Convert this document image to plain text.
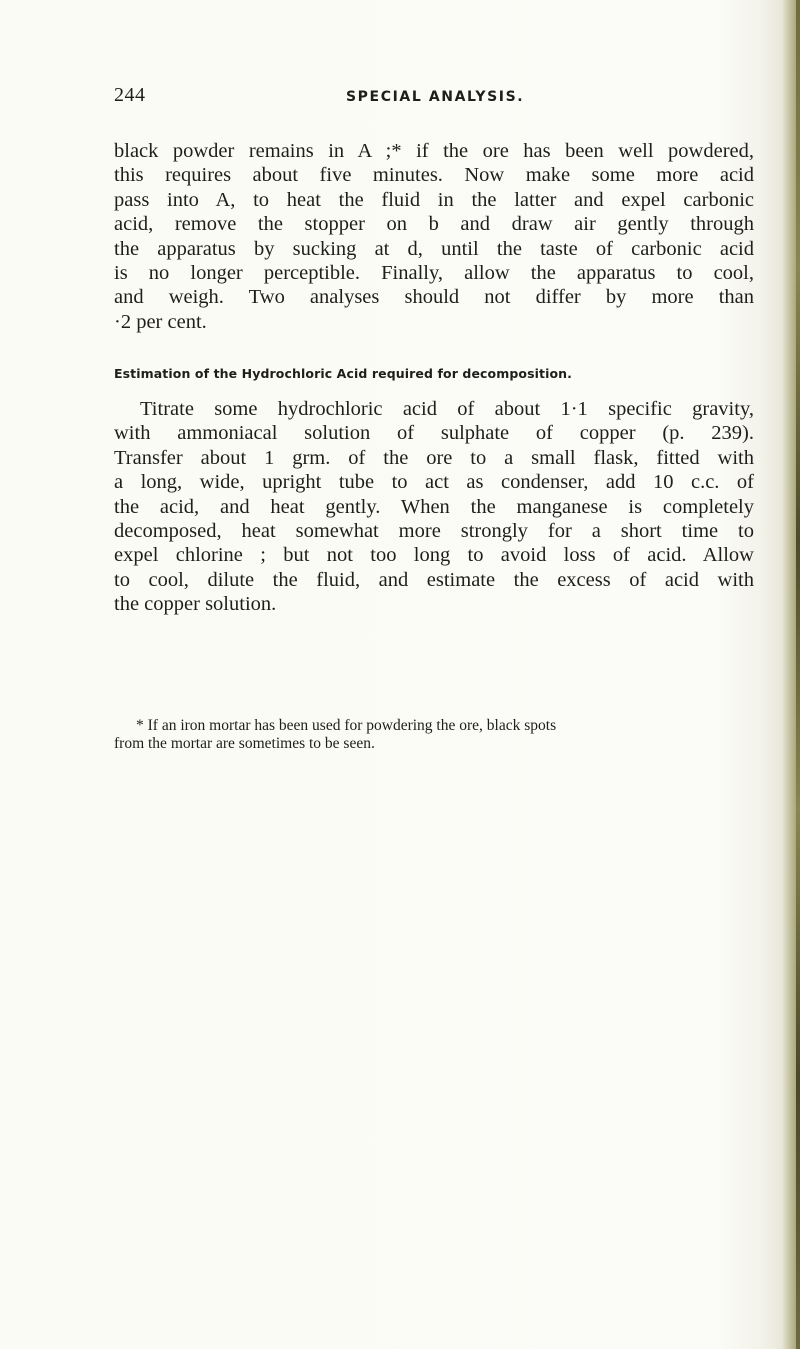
244	SPECIAL ANALYSIS.

black powder remains in A ;* if the ore has been well powdered,
this requires about five minutes. Now make some more acid
pass into A, to heat the fluid in the latter and expel carbonic
acid, remove the stopper on b and draw air gently through
the apparatus by sucking at d, until the taste of carbonic acid
is no longer perceptible. Finally, allow the apparatus to cool,
and weigh. Two analyses should not differ by more than
·2 per cent.

Estimation of the Hydrochloric Acid required for decomposition.

Titrate some hydrochloric acid of about 1·1 specific gravity,
with ammoniacal solution of sulphate of copper (p. 239).
Transfer about 1 grm. of the ore to a small flask, fitted with
a long, wide, upright tube to act as condenser, add 10 c.c. of
the acid, and heat gently. When the manganese is completely
decomposed, heat somewhat more strongly for a short time to
expel chlorine ; but not too long to avoid loss of acid. Allow
to cool, dilute the fluid, and estimate the excess of acid with
the copper solution.

* If an iron mortar has been used for powdering the ore, black spots
from the mortar are sometimes to be seen.
